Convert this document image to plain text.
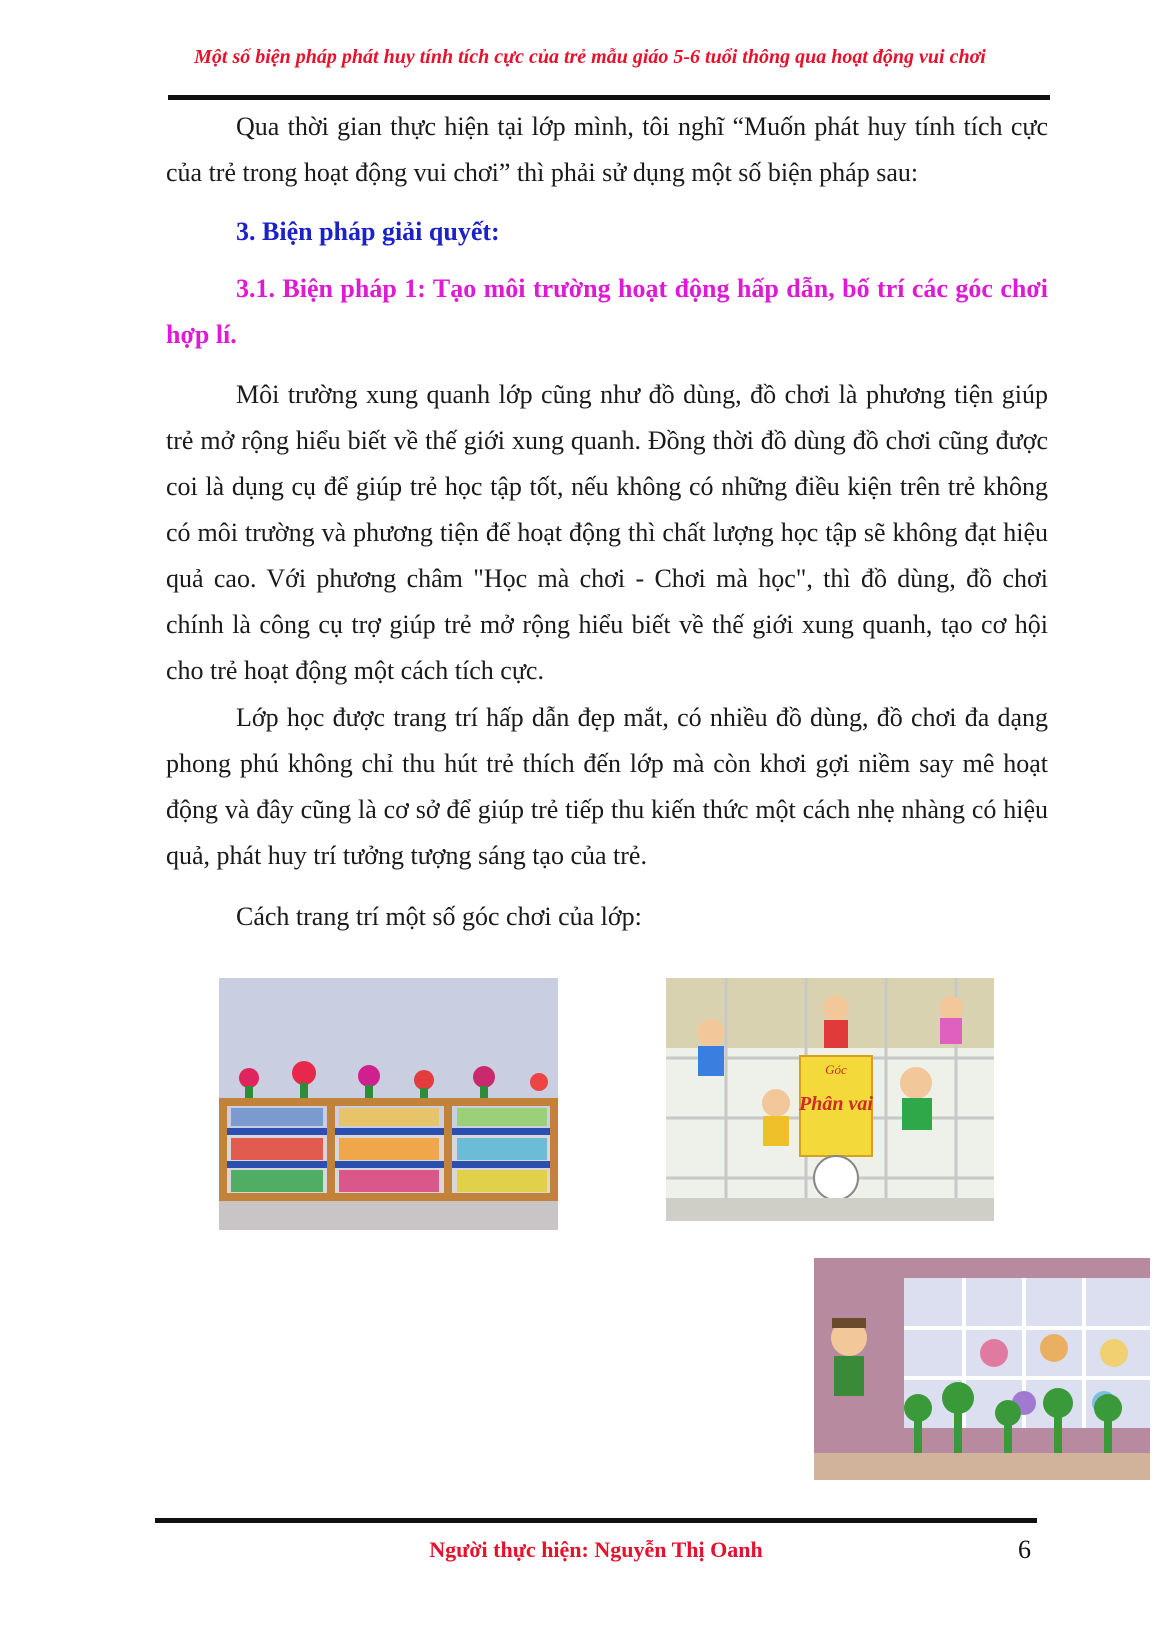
Một số biện pháp phát huy tính tích cực của trẻ mẫu giáo 5-6 tuổi thông qua hoạt động vui chơi
Qua thời gian thực hiện tại lớp mình, tôi nghĩ “Muốn phát huy tính tích cực của trẻ trong hoạt động vui chơi” thì phải sử dụng một số biện pháp sau:
3. Biện pháp giải quyết:
3.1. Biện pháp 1: Tạo môi trường hoạt động hấp dẫn, bố trí các góc chơi hợp lí.
Môi trường xung quanh lớp cũng như đồ dùng, đồ chơi là phương tiện giúp trẻ mở rộng hiểu biết về thế giới xung quanh. Đồng thời đồ dùng đồ chơi cũng được coi là dụng cụ để giúp trẻ học tập tốt, nếu không có những điều kiện trên trẻ không có môi trường và phương tiện để hoạt động thì chất lượng học tập sẽ không đạt hiệu quả cao. Với phương châm "Học mà chơi - Chơi mà học", thì đồ dùng, đồ chơi chính là công cụ trợ giúp trẻ mở rộng hiểu biết về thế giới xung quanh, tạo cơ hội cho trẻ hoạt động một cách tích cực.
Lớp học được trang trí hấp dẫn đẹp mắt, có nhiều đồ dùng, đồ chơi đa dạng phong phú không chỉ thu hút trẻ thích đến lớp mà còn khơi gợi niềm say mê hoạt động và đây cũng là cơ sở để giúp trẻ tiếp thu kiến thức một cách nhẹ nhàng có hiệu quả, phát huy trí tưởng tượng sáng tạo của trẻ.
Cách trang trí một số góc chơi của lớp:
Góc
Phân vai
Người thực hiện: Nguyễn Thị Oanh	6
